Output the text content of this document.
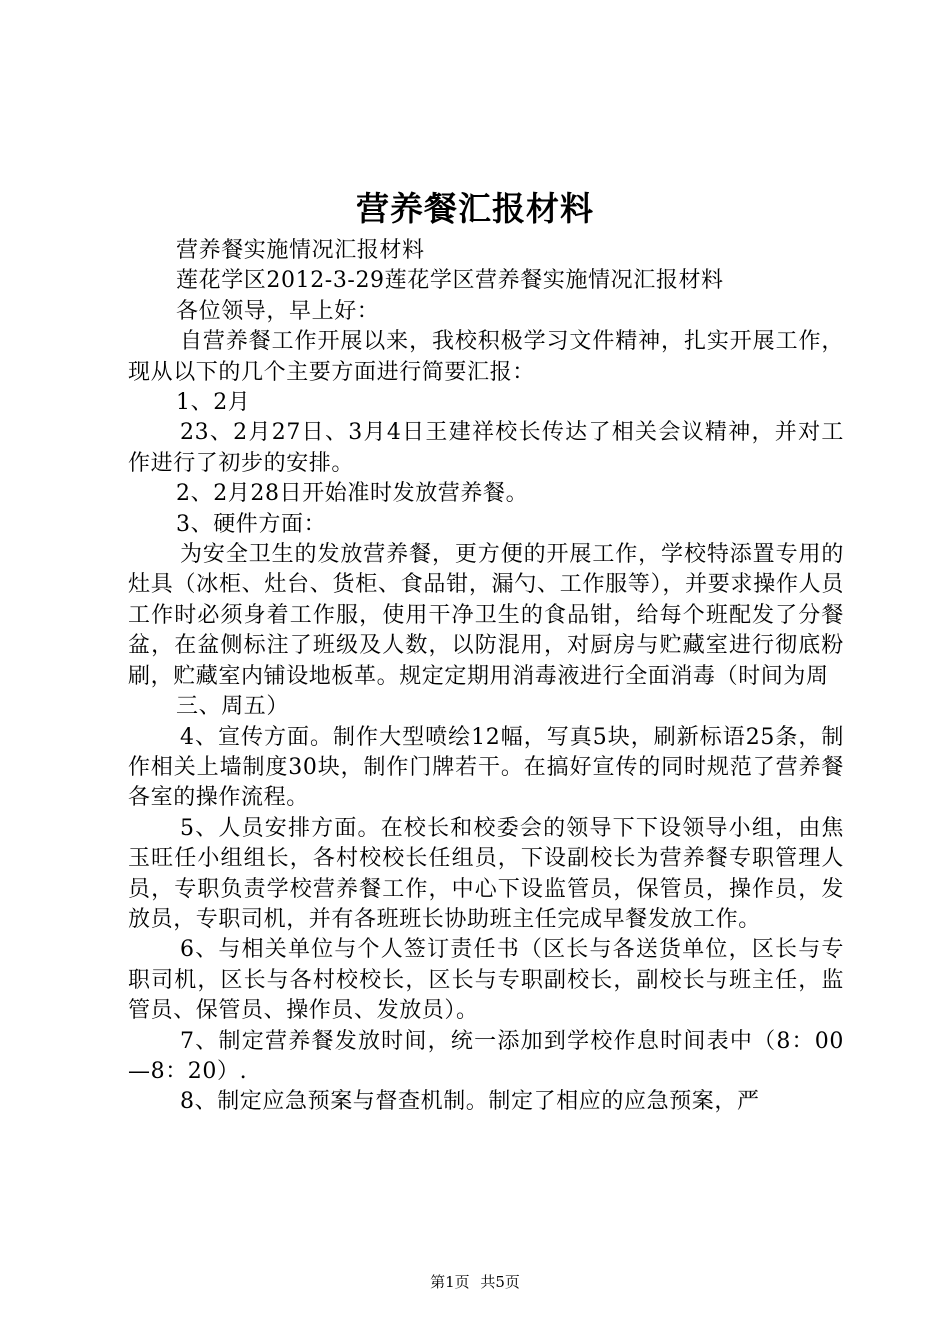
营养餐汇报材料

营养餐实施情况汇报材料

莲花学区2012-3-29莲花学区营养餐实施情况汇报材料

各位领导，早上好：

自营养餐工作开展以来，我校积极学习文件精神，扎实开展工作，现从以下的几个主要方面进行简要汇报：

1、2月

23、2月27日、3月4日王建祥校长传达了相关会议精神，并对工作进行了初步的安排。

2、2月28日开始准时发放营养餐。

3、硬件方面：

为安全卫生的发放营养餐，更方便的开展工作，学校特添置专用的灶具（冰柜、灶台、货柜、食品钳，漏勺、工作服等），并要求操作人员工作时必须身着工作服，使用干净卫生的食品钳，给每个班配发了分餐盆，在盆侧标注了班级及人数，以防混用，对厨房与贮藏室进行彻底粉刷，贮藏室内铺设地板革。规定定期用消毒液进行全面消毒（时间为周

三、周五）

4、宣传方面。制作大型喷绘12幅，写真5块，刷新标语25条，制作相关上墙制度30块，制作门牌若干。在搞好宣传的同时规范了营养餐各室的操作流程。

5、人员安排方面。在校长和校委会的领导下下设领导小组，由焦玉旺任小组组长，各村校校长任组员，下设副校长为营养餐专职管理人员，专职负责学校营养餐工作，中心下设监管员，保管员，操作员，发放员，专职司机，并有各班班长协助班主任完成早餐发放工作。

6、与相关单位与个人签订责任书（区长与各送货单位，区长与专职司机，区长与各村校校长，区长与专职副校长，副校长与班主任，监管员、保管员、操作员、发放员）。

7、制定营养餐发放时间，统一添加到学校作息时间表中（8：00—8：20）.

8、制定应急预案与督查机制。制定了相应的应急预案，严

第1页 共5页
